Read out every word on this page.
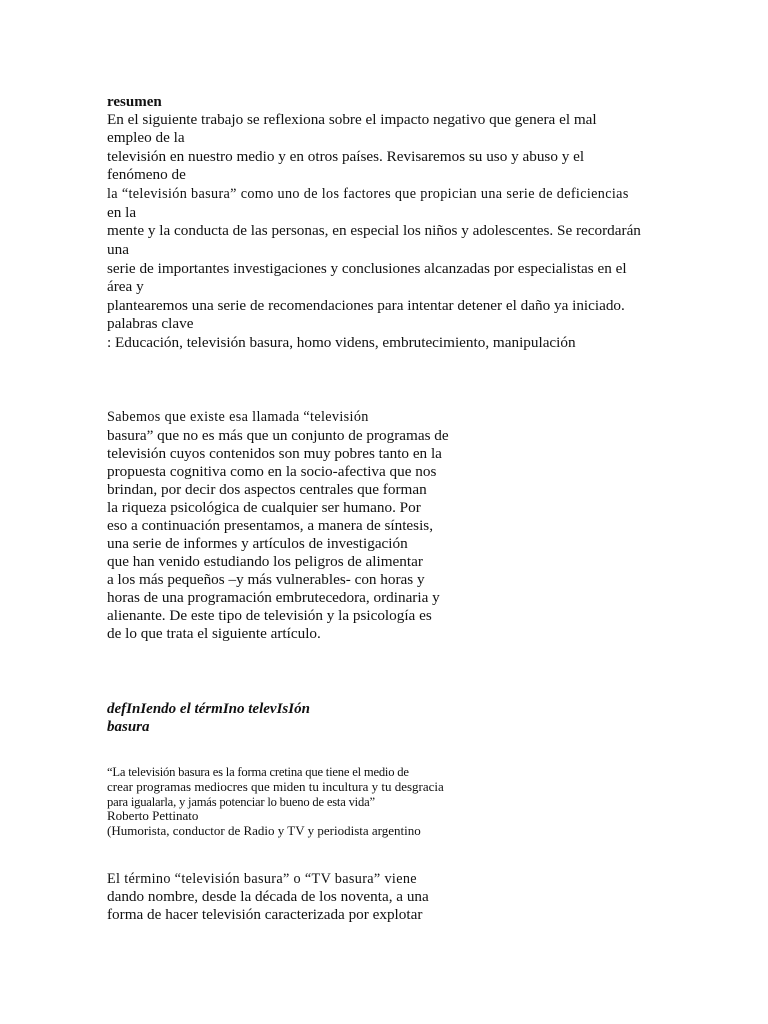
resumen
En el siguiente trabajo se reflexiona sobre el impacto negativo que genera el mal
empleo de la
televisión en nuestro medio y en otros países. Revisaremos su uso y abuso y el
fenómeno de
la “televisión basura” como uno de los factores que propician una serie de deficiencias
en la
mente y la conducta de las personas, en especial los niños y adolescentes. Se recordarán
una
serie de importantes investigaciones y conclusiones alcanzadas por especialistas en el
área y
plantearemos una serie de recomendaciones para intentar detener el daño ya iniciado.
palabras clave
: Educación, televisión basura, homo videns, embrutecimiento, manipulación
Sabemos que existe esa llamada “televisión
basura” que no es más que un conjunto de programas de
televisión cuyos contenidos son muy pobres tanto en la
propuesta cognitiva como en la socio-afectiva que nos
brindan, por decir dos aspectos centrales que forman
la riqueza psicológica de cualquier ser humano. Por
eso a continuación presentamos, a manera de síntesis,
una serie de informes y artículos de investigación
que han venido estudiando los peligros de alimentar
a los más pequeños –y más vulnerables- con horas y
horas de una programación embrutecedora, ordinaria y
alienante. De este tipo de televisión y la psicología es
de lo que trata el siguiente artículo.
defInIendo el térmIno televIsIón
basura
“La televisión basura es la forma cretina que tiene el medio de
crear programas mediocres que miden tu incultura y tu desgracia
para igualarla, y jamás potenciar lo bueno de esta vida”
Roberto Pettinato
(Humorista, conductor de Radio y TV y periodista argentino
El término “televisión basura” o “TV basura” viene
dando nombre, desde la década de los noventa, a una
forma de hacer televisión caracterizada por explotar
